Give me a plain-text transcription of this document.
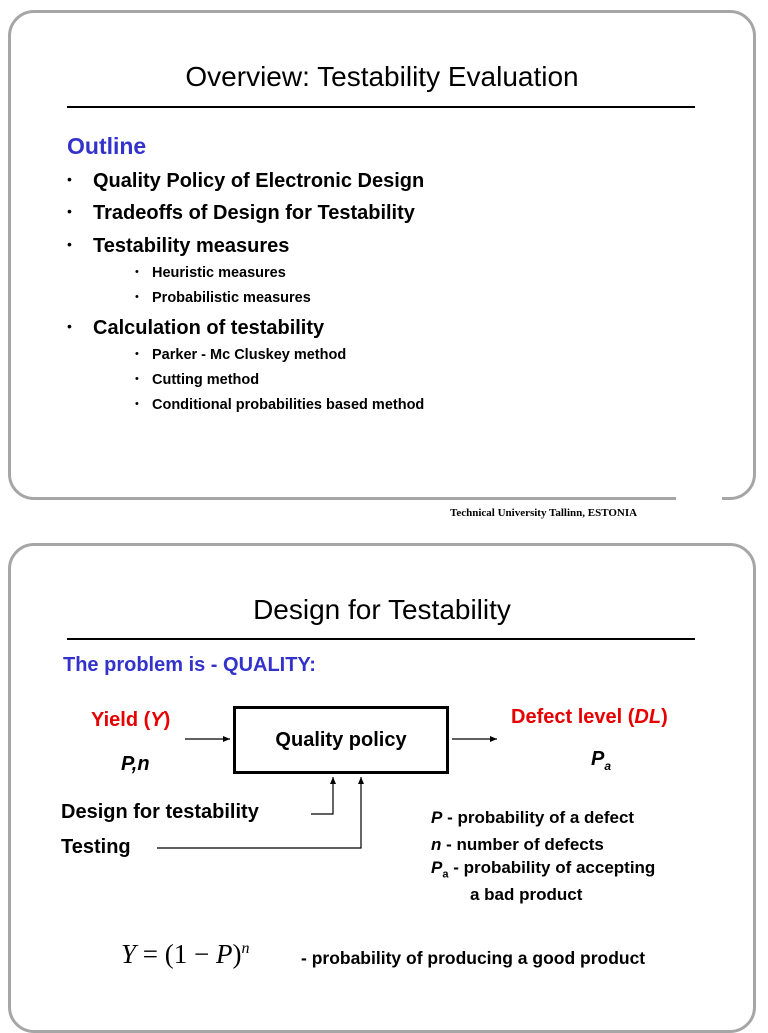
Overview: Testability Evaluation
Outline
• Quality Policy of Electronic Design
• Tradeoffs of Design for Testability
• Testability measures
• Heuristic measures
• Probabilistic measures
• Calculation of testability
• Parker - Mc Cluskey method
• Cutting method
• Conditional probabilities based method
Technical University Tallinn, ESTONIA
Design for Testability
The problem is - QUALITY:
Yield (Y)
P,n
Quality policy
Defect level (DL)
$P_a$
Design for testability
Testing
P - probability of a defect
n - number of defects
$P_a$ - probability of accepting
a bad product
$Y = (1 - P)^n$	- probability of producing a good product
